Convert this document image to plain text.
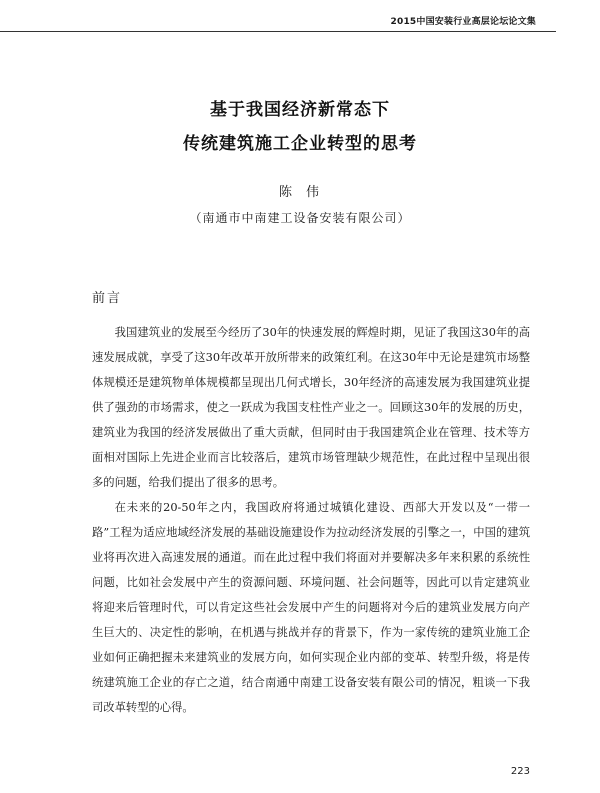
2015中国安装行业高层论坛论文集
基于我国经济新常态下
传统建筑施工企业转型的思考
陈伟
（南通市中南建工设备安装有限公司）
前言

我国建筑业的发展至今经历了30年的快速发展的辉煌时期，见证了我国这30年的高速发展成就，享受了这30年改革开放所带来的政策红利。在这30年中无论是建筑市场整体规模还是建筑物单体规模都呈现出几何式增长，30年经济的高速发展为我国建筑业提供了强劲的市场需求，使之一跃成为我国支柱性产业之一。回顾这30年的发展的历史，建筑业为我国的经济发展做出了重大贡献，但同时由于我国建筑企业在管理、技术等方面相对国际上先进企业而言比较落后，建筑市场管理缺少规范性，在此过程中呈现出很多的问题，给我们提出了很多的思考。

在未来的20-50年之内，我国政府将通过城镇化建设、西部大开发以及“一带一路”工程为适应地域经济发展的基础设施建设作为拉动经济发展的引擎之一，中国的建筑业将再次进入高速发展的通道。而在此过程中我们将面对并要解决多年来积累的系统性问题，比如社会发展中产生的资源问题、环境问题、社会问题等，因此可以肯定建筑业将迎来后管理时代，可以肯定这些社会发展中产生的问题将对今后的建筑业发展方向产生巨大的、决定性的影响，在机遇与挑战并存的背景下，作为一家传统的建筑业施工企业如何正确把握未来建筑业的发展方向，如何实现企业内部的变革、转型升级，将是传统建筑施工企业的存亡之道，结合南通中南建工设备安装有限公司的情况，粗谈一下我司改革转型的心得。

223
